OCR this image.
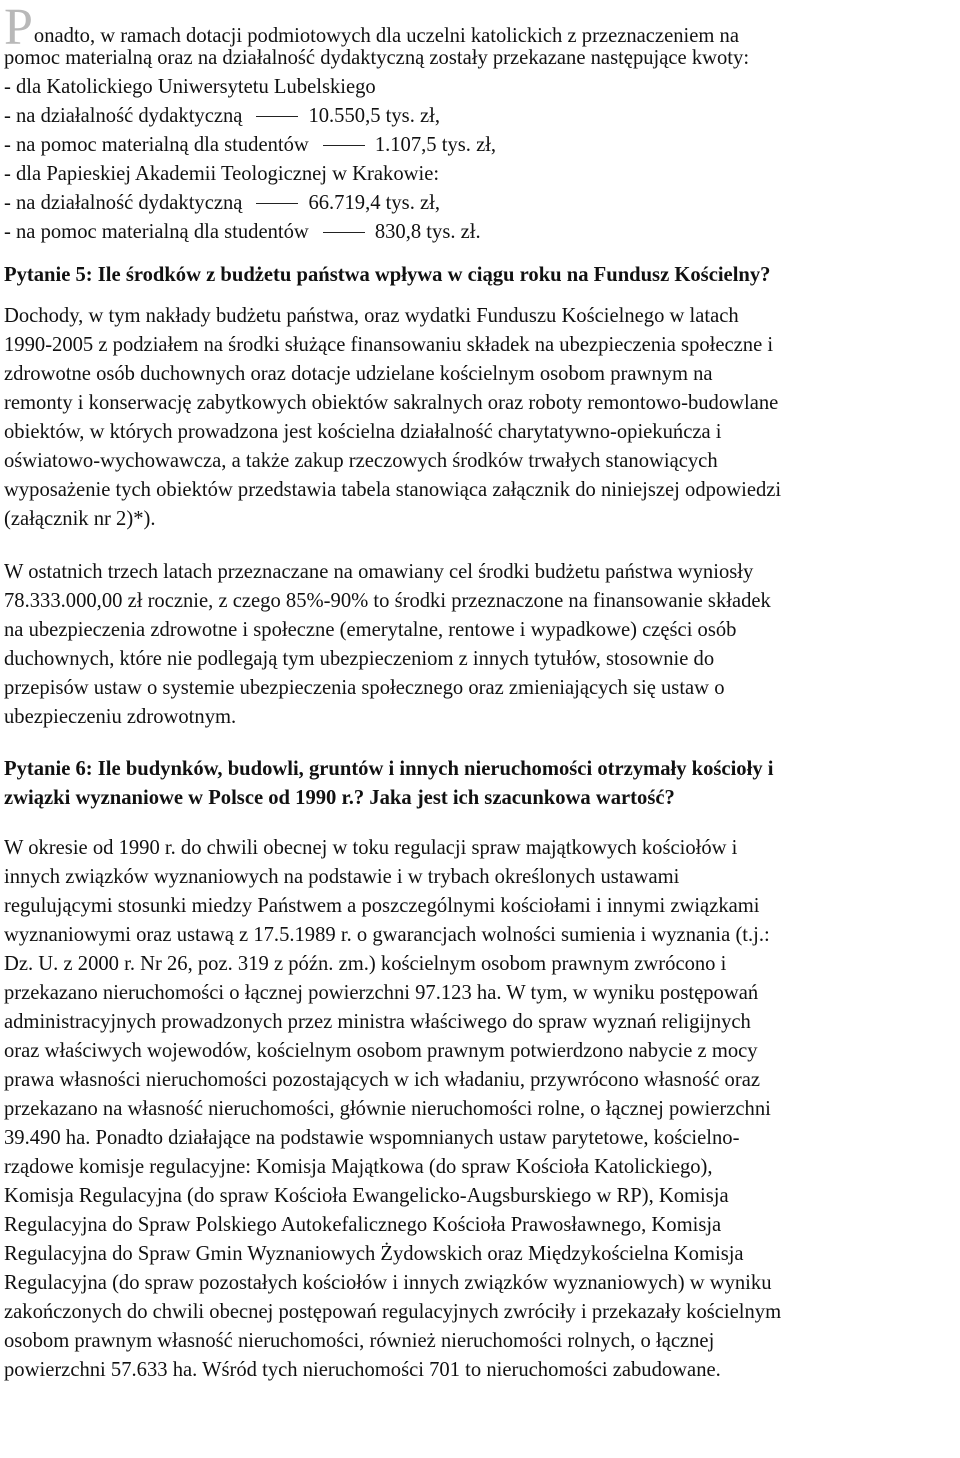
Ponadto, w ramach dotacji podmiotowych dla uczelni katolickich z przeznaczeniem na
pomoc materialną oraz na działalność dydaktyczną zostały przekazane następujące kwoty:
- dla Katolickiego Uniwersytetu Lubelskiego
- na działalność dydaktyczną	10.550,5 tys. zł,
- na pomoc materialną dla studentów	1.107,5 tys. zł,
- dla Papieskiej Akademii Teologicznej w Krakowie:
- na działalność dydaktyczną	66.719,4 tys. zł,
- na pomoc materialną dla studentów	830,8 tys. zł.
Pytanie 5: Ile środków z budżetu państwa wpływa w ciągu roku na Fundusz Kościelny?
Dochody, w tym nakłady budżetu państwa, oraz wydatki Funduszu Kościelnego w latach
1990-2005 z podziałem na środki służące finansowaniu składek na ubezpieczenia społeczne i
zdrowotne osób duchownych oraz dotacje udzielane kościelnym osobom prawnym na
remonty i konserwację zabytkowych obiektów sakralnych oraz roboty remontowo-budowlane
obiektów, w których prowadzona jest kościelna działalność charytatywno-opiekuńcza i
oświatowo-wychowawcza, a także zakup rzeczowych środków trwałych stanowiących
wyposażenie tych obiektów przedstawia tabela stanowiąca załącznik do niniejszej odpowiedzi
(załącznik nr 2)*).
W ostatnich trzech latach przeznaczane na omawiany cel środki budżetu państwa wyniosły
78.333.000,00 zł rocznie, z czego 85%-90% to środki przeznaczone na finansowanie składek
na ubezpieczenia zdrowotne i społeczne (emerytalne, rentowe i wypadkowe) części osób
duchownych, które nie podlegają tym ubezpieczeniom z innych tytułów, stosownie do
przepisów ustaw o systemie ubezpieczenia społecznego oraz zmieniających się ustaw o
ubezpieczeniu zdrowotnym.
Pytanie 6: Ile budynków, budowli, gruntów i innych nieruchomości otrzymały kościoły i
związki wyznaniowe w Polsce od 1990 r.? Jaka jest ich szacunkowa wartość?
W okresie od 1990 r. do chwili obecnej w toku regulacji spraw majątkowych kościołów i
innych związków wyznaniowych na podstawie i w trybach określonych ustawami
regulującymi stosunki miedzy Państwem a poszczególnymi kościołami i innymi związkami
wyznaniowymi oraz ustawą z 17.5.1989 r. o gwarancjach wolności sumienia i wyznania (t.j.:
Dz. U. z 2000 r. Nr 26, poz. 319 z późn. zm.) kościelnym osobom prawnym zwrócono i
przekazano nieruchomości o łącznej powierzchni 97.123 ha. W tym, w wyniku postępowań
administracyjnych prowadzonych przez ministra właściwego do spraw wyznań religijnych
oraz właściwych wojewodów, kościelnym osobom prawnym potwierdzono nabycie z mocy
prawa własności nieruchomości pozostających w ich władaniu, przywrócono własność oraz
przekazano na własność nieruchomości, głównie nieruchomości rolne, o łącznej powierzchni
39.490 ha. Ponadto działające na podstawie wspomnianych ustaw parytetowe, kościelno-
rządowe komisje regulacyjne: Komisja Majątkowa (do spraw Kościoła Katolickiego),
Komisja Regulacyjna (do spraw Kościoła Ewangelicko-Augsburskiego w RP), Komisja
Regulacyjna do Spraw Polskiego Autokefalicznego Kościoła Prawosławnego, Komisja
Regulacyjna do Spraw Gmin Wyznaniowych Żydowskich oraz Międzykościelna Komisja
Regulacyjna (do spraw pozostałych kościołów i innych związków wyznaniowych) w wyniku
zakończonych do chwili obecnej postępowań regulacyjnych zwróciły i przekazały kościelnym
osobom prawnym własność nieruchomości, również nieruchomości rolnych, o łącznej
powierzchni 57.633 ha. Wśród tych nieruchomości 701 to nieruchomości zabudowane.
